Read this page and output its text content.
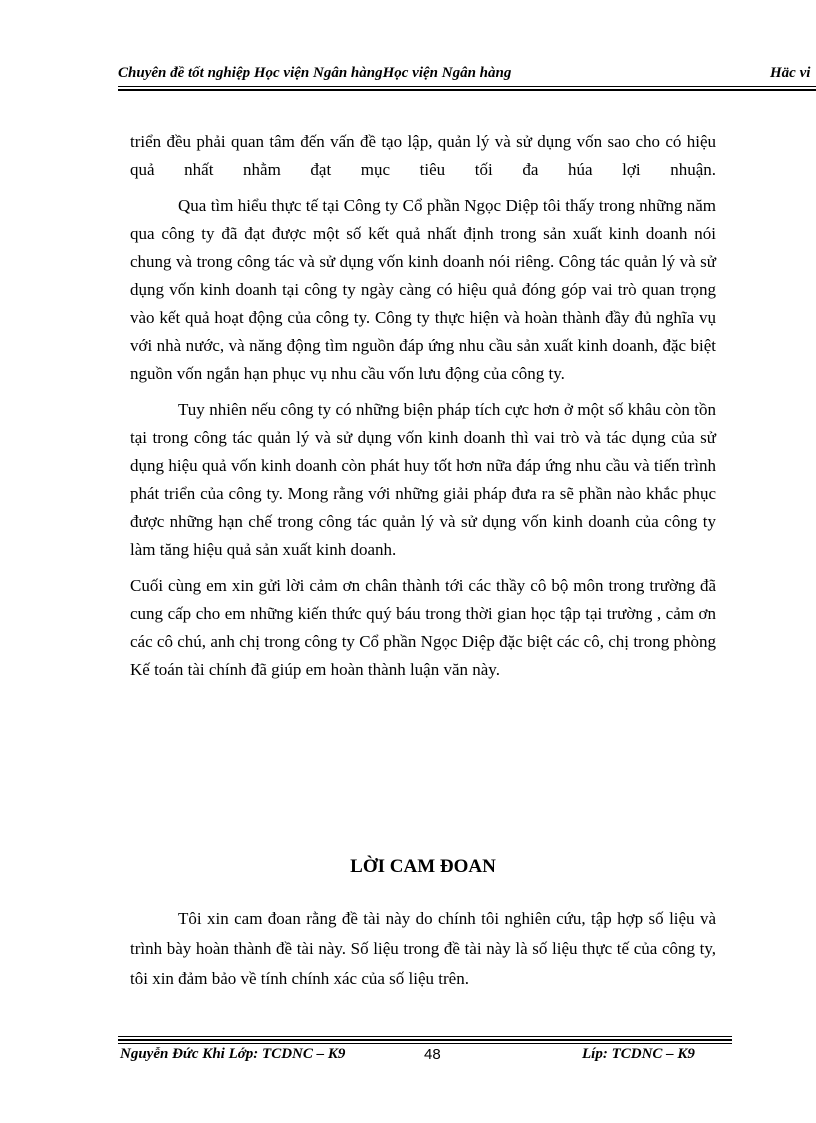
Chuyên đề tốt nghiệp Học viện Ngân hàngHọc viện Ngân hàng	Häc vi

triển đều phải quan tâm đến vấn đề tạo lập, quản lý và sử dụng vốn sao cho có hiệu quả nhất nhằm đạt mục tiêu tối đa húa lợi nhuận.

Qua tìm hiểu thực tế tại Công ty Cổ phần Ngọc Diệp tôi thấy trong những năm qua công ty đã đạt được một số kết quả nhất định trong sản xuất kinh doanh nói chung và trong công tác và sử dụng vốn kinh doanh nói riêng. Công tác quản lý và sử dụng vốn kinh doanh tại công ty ngày càng có hiệu quả đóng góp vai trò quan trọng vào kết quả hoạt động của công ty. Công ty thực hiện và hoàn thành đầy đủ nghĩa vụ với nhà nước, và năng động tìm nguồn đáp ứng nhu cầu sản xuất kinh doanh, đặc biệt nguồn vốn ngắn hạn phục vụ nhu cầu vốn lưu động của công ty.

Tuy nhiên nếu công ty có những biện pháp tích cực hơn ở một số khâu còn tồn tại trong công tác quản lý và sử dụng vốn kinh doanh thì vai trò và tác dụng của sử dụng hiệu quả vốn kinh doanh còn phát huy tốt hơn nữa đáp ứng nhu cầu và tiến trình phát triển của công ty. Mong rằng với những giải pháp đưa ra sẽ phần nào khắc phục được những hạn chế trong công tác quản lý và sử dụng vốn kinh doanh của công ty làm tăng hiệu quả sản xuất kinh doanh.

Cuối cùng em xin gửi lời cảm ơn chân thành tới các thầy cô bộ môn trong trường đã cung cấp cho em những kiến thức quý báu trong thời gian học tập tại trường , cảm ơn các cô chú, anh chị trong công ty Cổ phần Ngọc Diệp đặc biệt các cô, chị trong phòng Kế toán tài chính đã giúp em hoàn thành luận văn này.

LỜI CAM ĐOAN

Tôi xin cam đoan rằng đề tài này do chính tôi nghiên cứu, tập hợp số liệu và trình bày hoàn thành đề tài này. Số liệu trong đề tài này là số liệu thực tế của công ty, tôi xin đảm bảo về tính chính xác của số liệu trên.

Nguyễn Đức Khi Lớp: TCDNC – K9	48	Líp: TCDNC – K9
